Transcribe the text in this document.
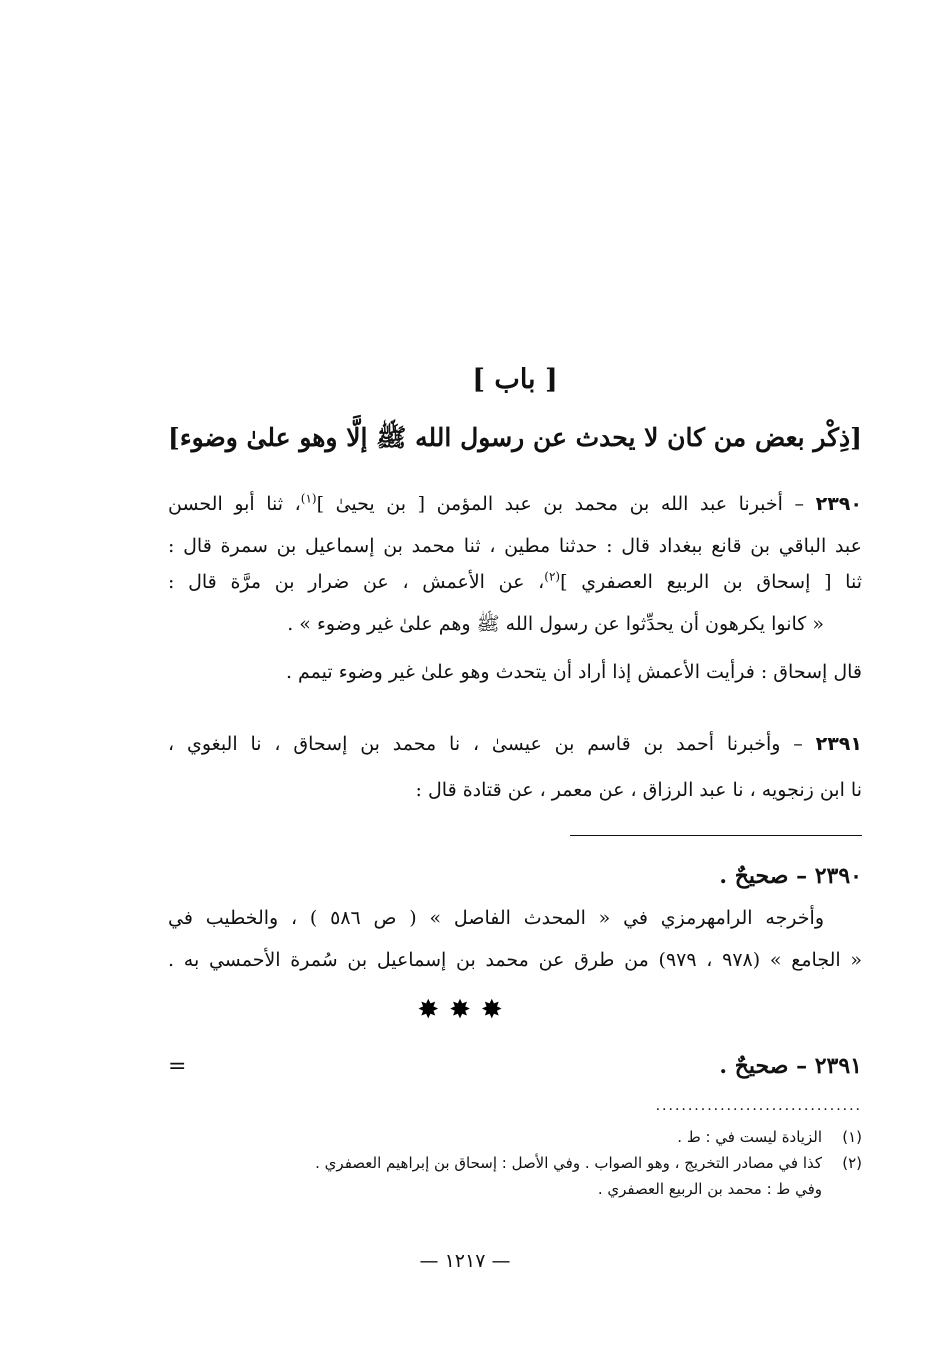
[ باب ]
[ذِكْر بعض من كان لا يحدث عن رسول الله ﷺ إلَّا وهو علىٰ وضوء]
٢٣٩٠ – أخبرنا عبد الله بن محمد بن عبد المؤمن [ بن يحيىٰ ]$^{(١)}$، ثنا أبو الحسن
عبد الباقي بن قانع ببغداد قال : حدثنا مطين ، ثنا محمد بن إسماعيل بن سمرة قال :
ثنا [ إسحاق بن الربيع العصفري ]$^{(٢)}$، عن الأعمش ، عن ضرار بن مرَّة قال :
« كانوا يكرهون أن يحدِّثوا عن رسول الله ﷺ وهم علىٰ غير وضوء » .
قال إسحاق : فرأيت الأعمش إذا أراد أن يتحدث وهو علىٰ غير وضوء تيمم .
٢٣٩١ – وأخبرنا أحمد بن قاسم بن عيسىٰ ، نا محمد بن إسحاق ، نا البغوي ،
نا ابن زنجويه ، نا عبد الرزاق ، عن معمر ، عن قتادة قال :
٢٣٩٠ – صحيحٌ .
وأخرجه الرامهرمزي في « المحدث الفاصل » ( ص ٥٨٦ ) ، والخطيب في
« الجامع » (٩٧٨ ، ٩٧٩) من طرق عن محمد بن إسماعيل بن سُمرة الأحمسي به .
✸✸✸
٢٣٩١ – صحيحٌ .
=
................................
(١)الزيادة ليست في : ط .
(٢)كذا في مصادر التخريج ، وهو الصواب . وفي الأصل : إسحاق بن إبراهيم العصفري .
وفي ط : محمد بن الربيع العصفري .
— ١٢١٧ —
